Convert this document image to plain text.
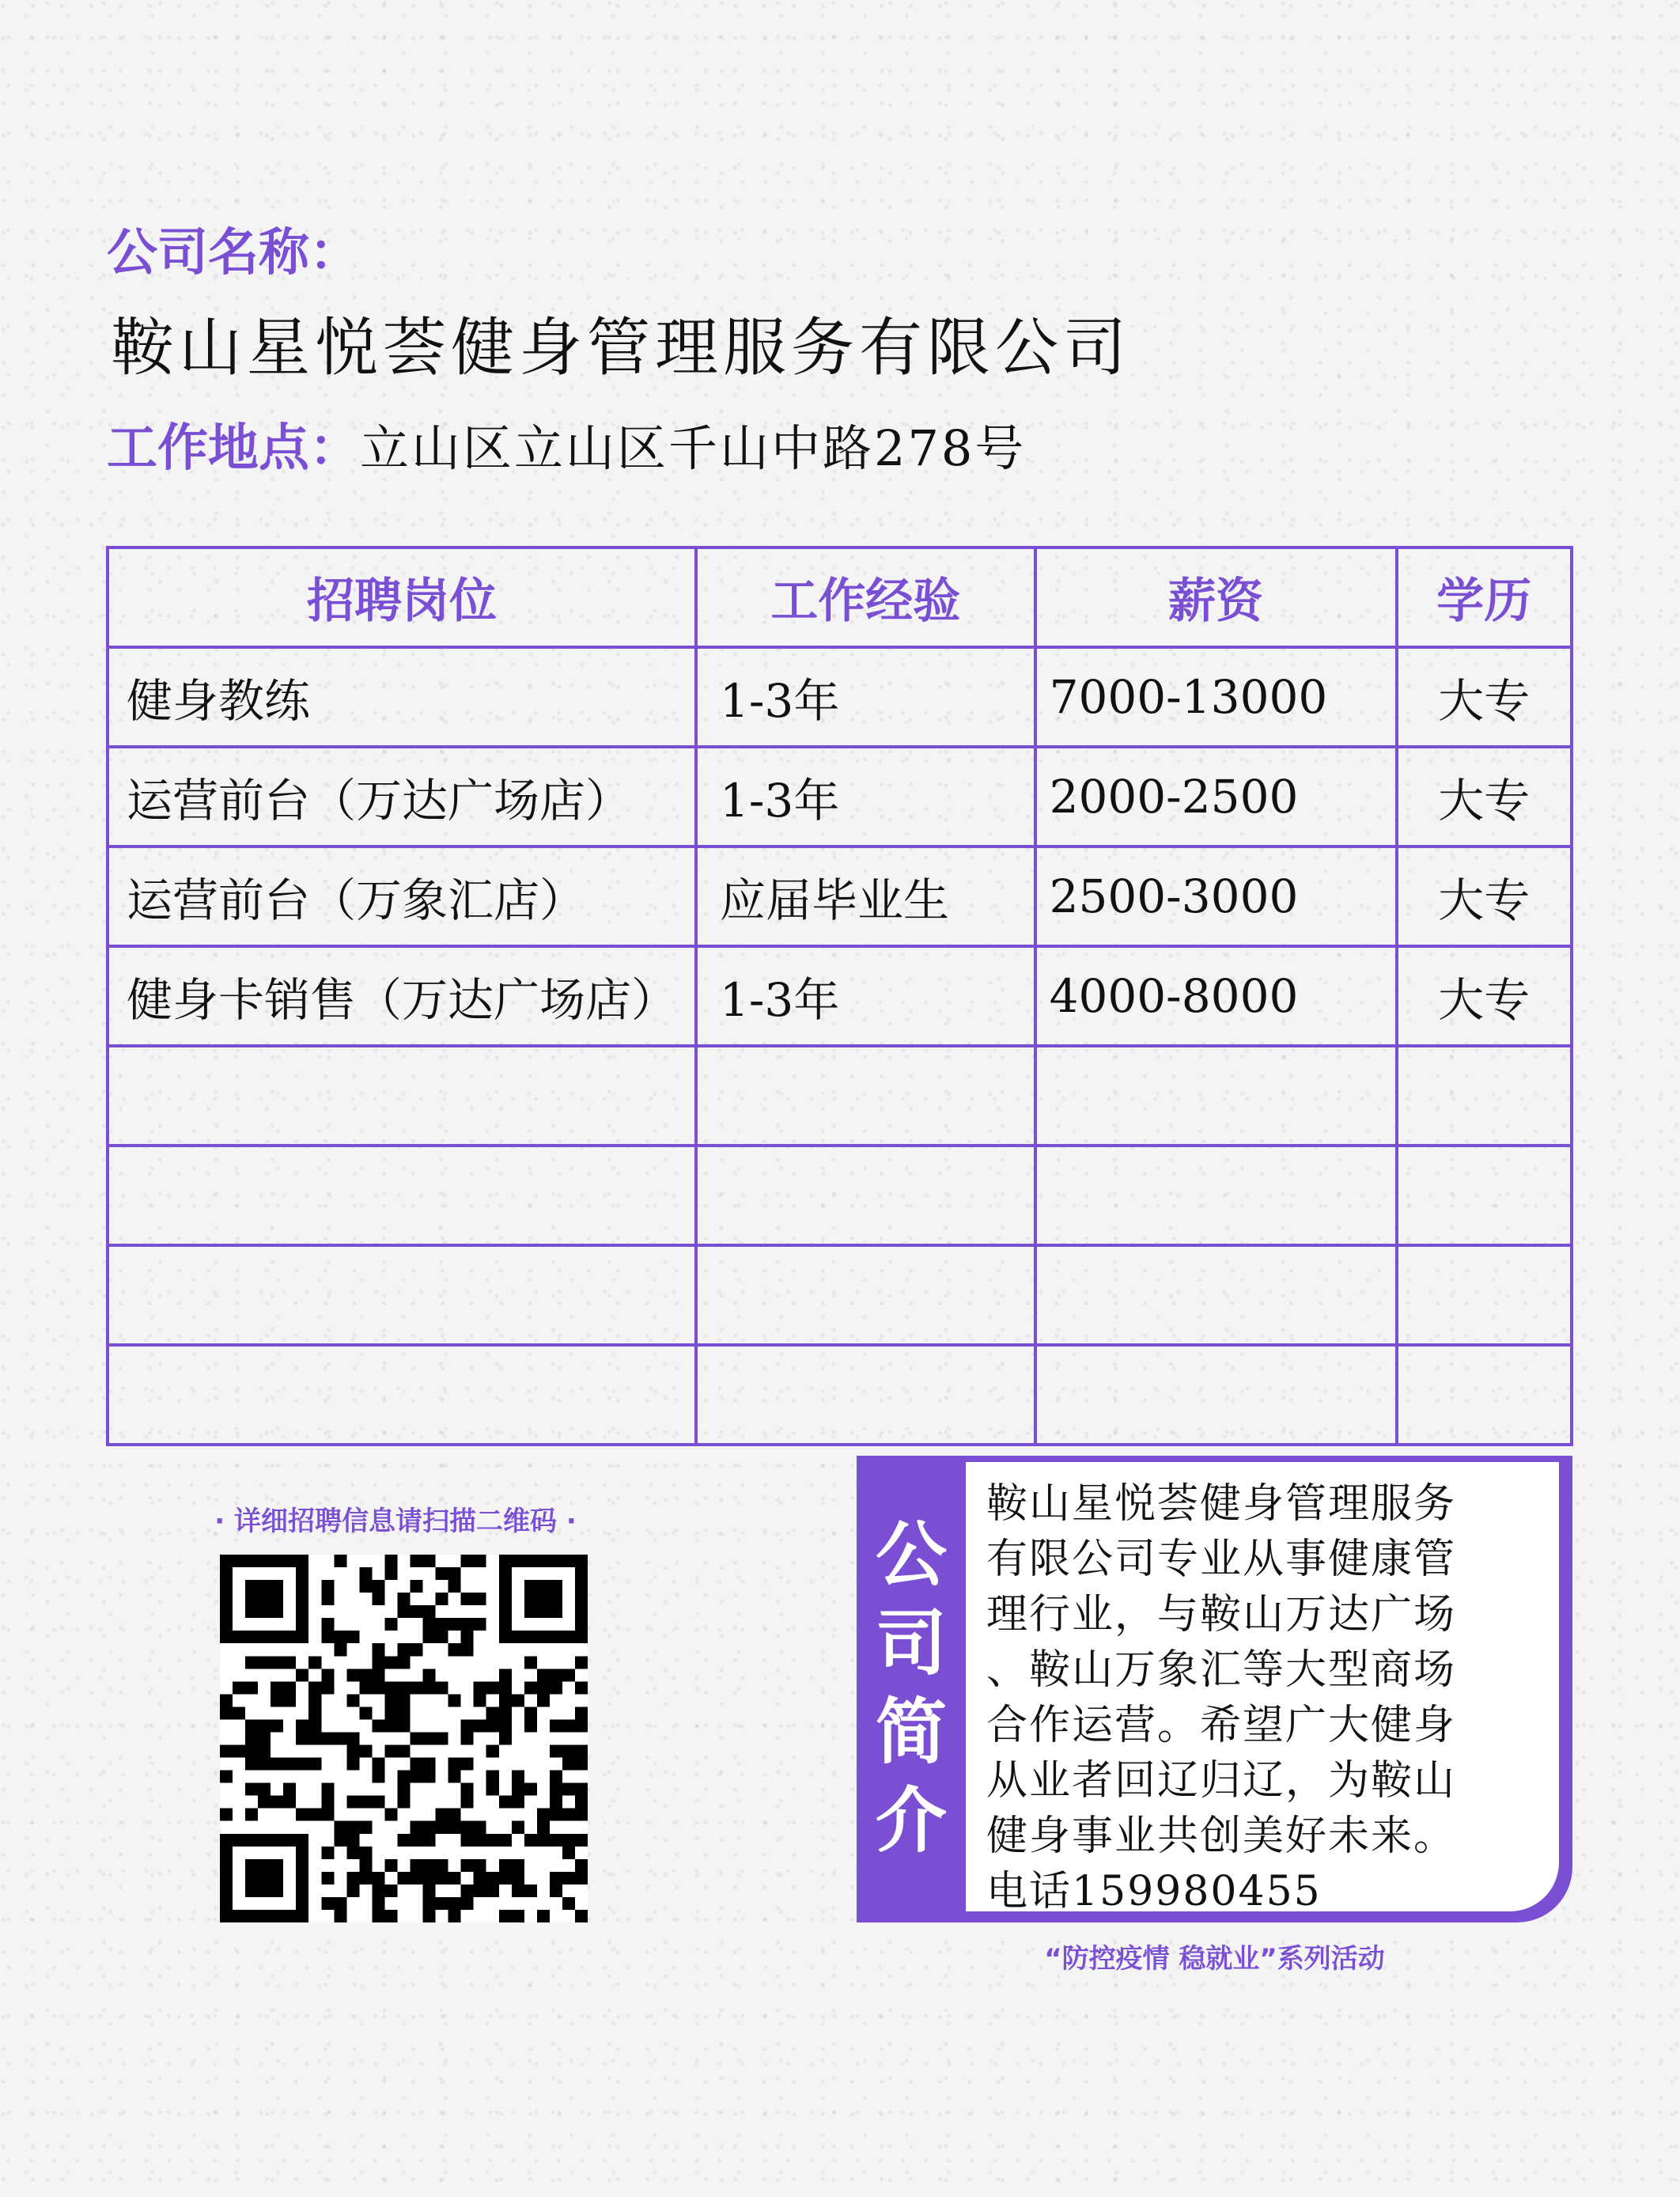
公司名称：
鞍山星悦荟健身管理服务有限公司
工作地点：立山区立山区千山中路278号
招聘岗位	工作经验	薪资	学历
健身教练	1-3年	7000-13000	大专
运营前台（万达广场店）	1-3年	2000-2500	大专
运营前台（万象汇店）	应届毕业生	2500-3000	大专
健身卡销售（万达广场店）	1-3年	4000-8000	大专

· 详细招聘信息请扫描二维码 ·	公
司
简
介
鞍山星悦荟健身管理服务
有限公司专业从事健康管
理行业，与鞍山万达广场
、鞍山万象汇等大型商场
合作运营。希望广大健身
从业者回辽归辽，为鞍山
健身事业共创美好未来。
电话159980455
“防控疫情 稳就业”系列活动
